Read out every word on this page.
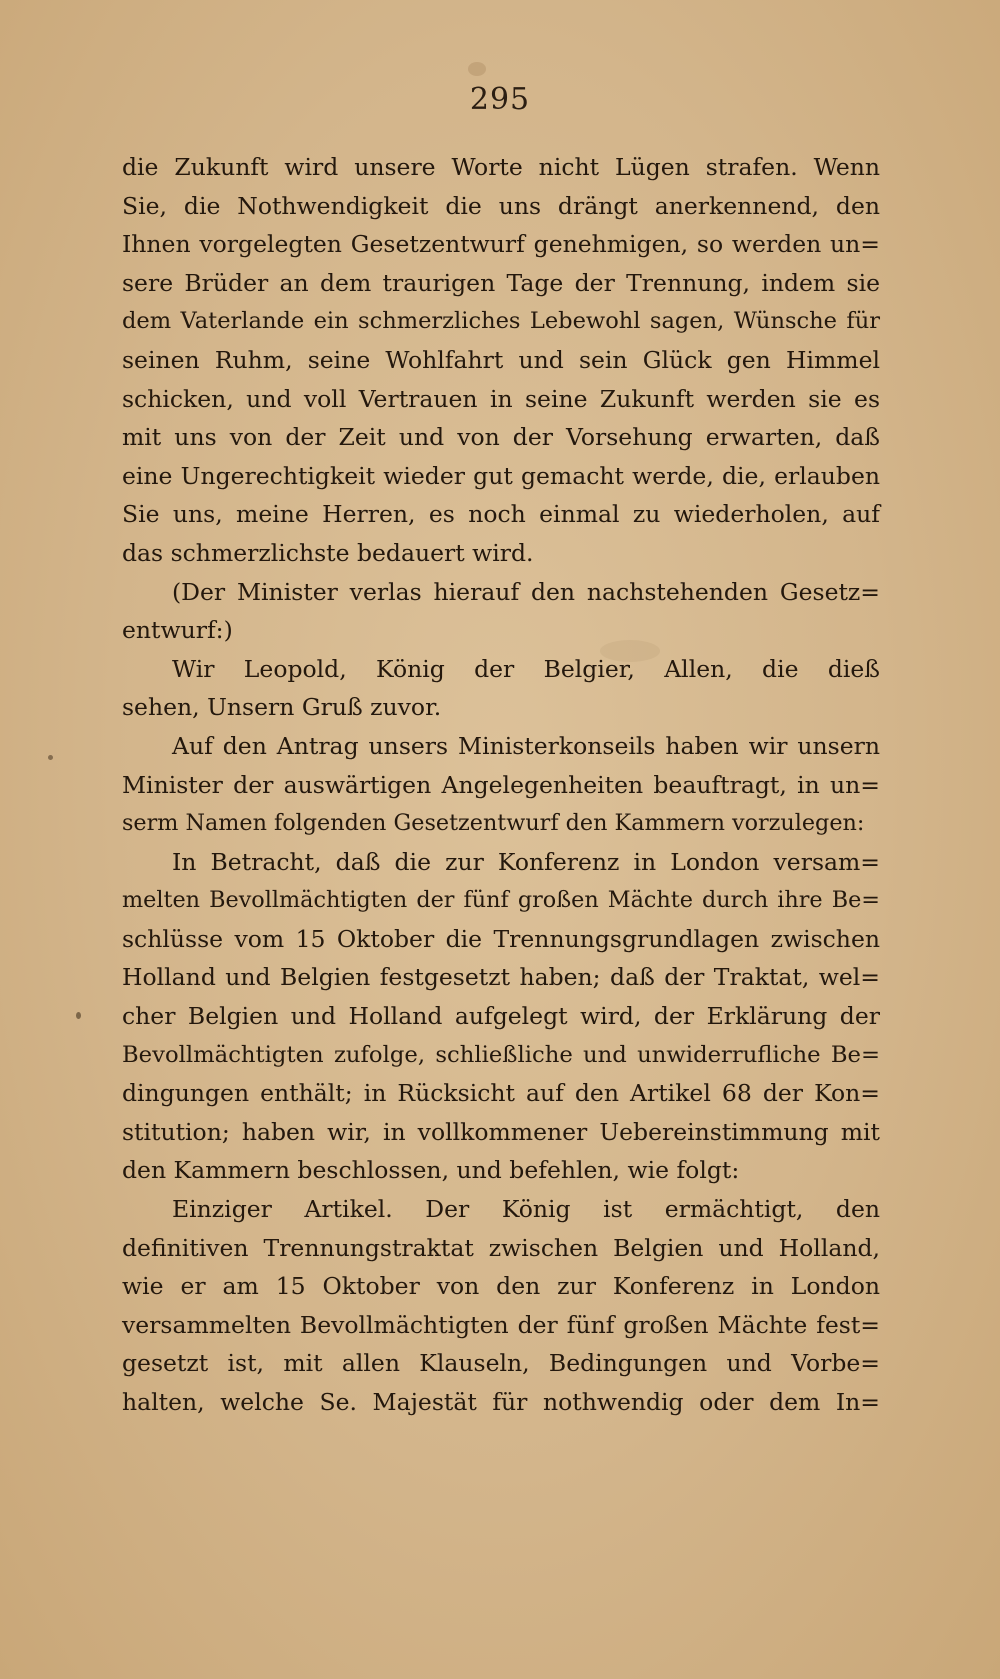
295
die Zukunft wird unsere Worte nicht Lügen strafen. Wenn
Sie, die Nothwendigkeit die uns drängt anerkennend, den
Ihnen vorgelegten Gesetzentwurf genehmigen, so werden un=
sere Brüder an dem traurigen Tage der Trennung, indem sie
dem Vaterlande ein schmerzliches Lebewohl sagen, Wünsche für
seinen Ruhm, seine Wohlfahrt und sein Glück gen Himmel
schicken, und voll Vertrauen in seine Zukunft werden sie es
mit uns von der Zeit und von der Vorsehung erwarten, daß
eine Ungerechtigkeit wieder gut gemacht werde, die, erlauben
Sie uns, meine Herren, es noch einmal zu wiederholen, auf
das schmerzlichste bedauert wird.
(Der Minister verlas hierauf den nachstehenden Gesetz=
entwurf:)
Wir Leopold, König der Belgier, Allen, die dieß
sehen, Unsern Gruß zuvor.
Auf den Antrag unsers Ministerkonseils haben wir unsern
Minister der auswärtigen Angelegenheiten beauftragt, in un=
serm Namen folgenden Gesetzentwurf den Kammern vorzulegen:
In Betracht, daß die zur Konferenz in London versam=
melten Bevollmächtigten der fünf großen Mächte durch ihre Be=
schlüsse vom 15 Oktober die Trennungsgrundlagen zwischen
Holland und Belgien festgesetzt haben; daß der Traktat, wel=
cher Belgien und Holland aufgelegt wird, der Erklärung der
Bevollmächtigten zufolge, schließliche und unwiderrufliche Be=
dingungen enthält; in Rücksicht auf den Artikel 68 der Kon=
stitution; haben wir, in vollkommener Uebereinstimmung mit
den Kammern beschlossen, und befehlen, wie folgt:
Einziger Artikel. Der König ist ermächtigt, den
definitiven Trennungstraktat zwischen Belgien und Holland,
wie er am 15 Oktober von den zur Konferenz in London
versammelten Bevollmächtigten der fünf großen Mächte fest=
gesetzt ist, mit allen Klauseln, Bedingungen und Vorbe=
halten, welche Se. Majestät für nothwendig oder dem In=
